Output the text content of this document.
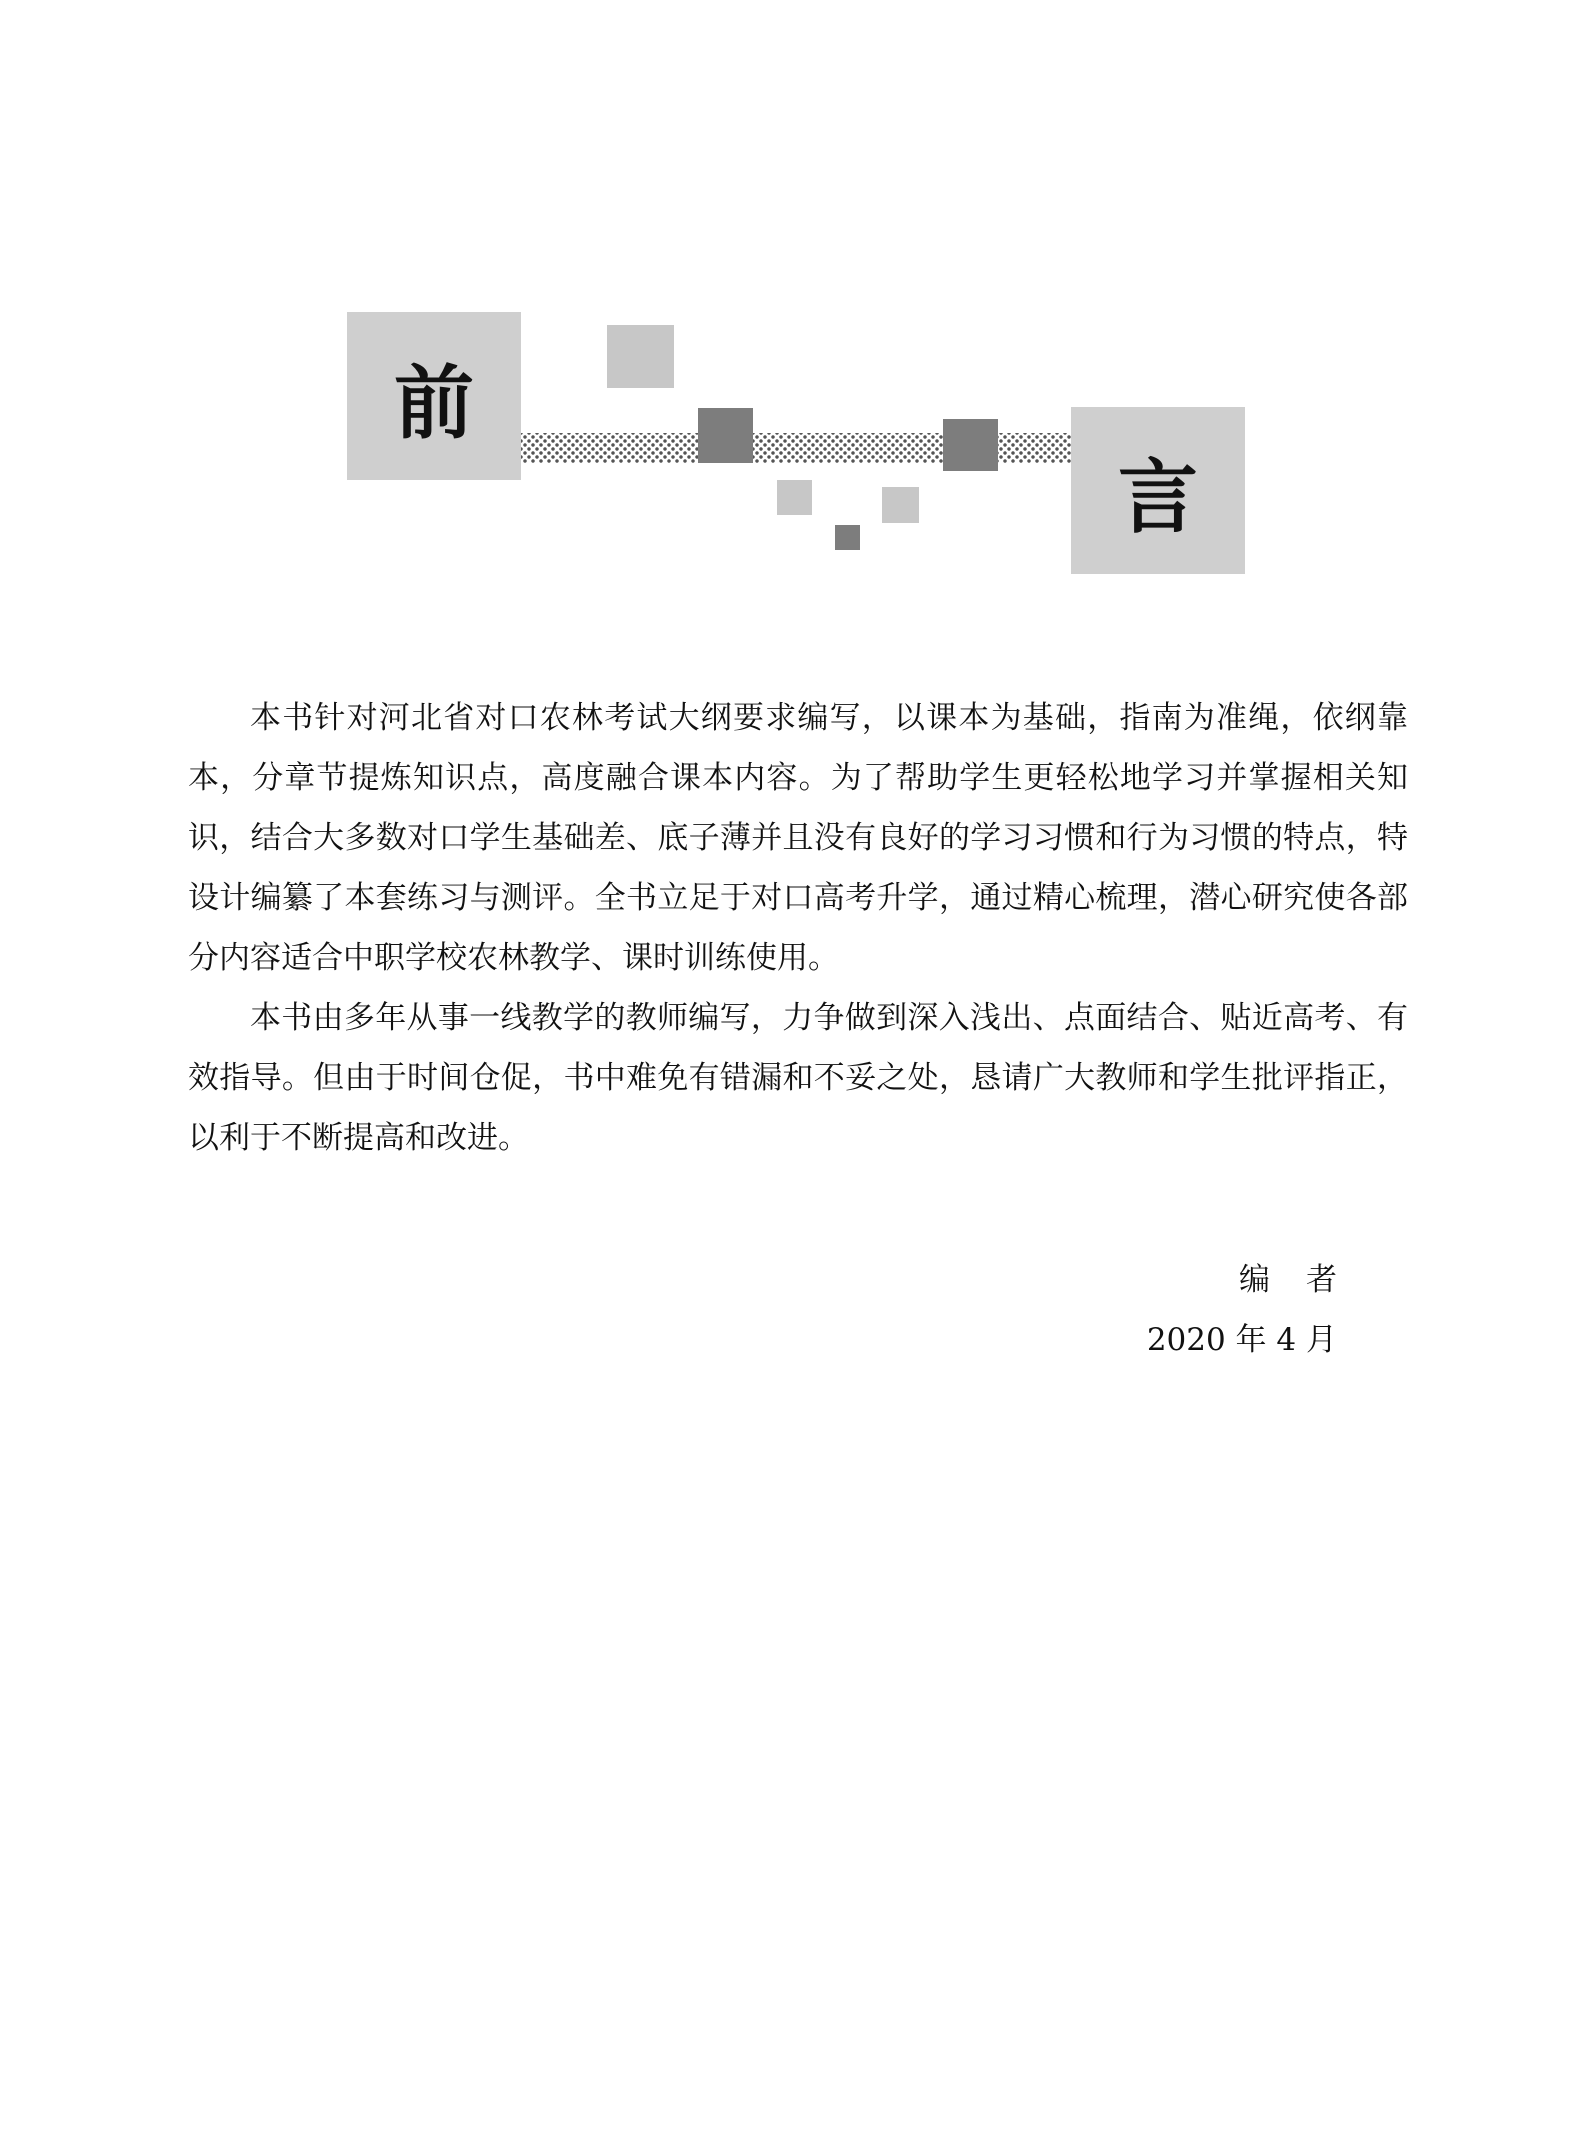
前
言

本书针对河北省对口农林考试大纲要求编写，以课本为基础，指南为准绳，依纲靠本，分章节提炼知识点，高度融合课本内容。为了帮助学生更轻松地学习并掌握相关知识，结合大多数对口学生基础差、底子薄并且没有良好的学习习惯和行为习惯的特点，特设计编纂了本套练习与测评。全书立足于对口高考升学，通过精心梳理，潜心研究使各部分内容适合中职学校农林教学、课时训练使用。

本书由多年从事一线教学的教师编写，力争做到深入浅出、点面结合、贴近高考、有效指导。但由于时间仓促，书中难免有错漏和不妥之处，恳请广大教师和学生批评指正，以利于不断提高和改进。

编者
2020 年 4 月
